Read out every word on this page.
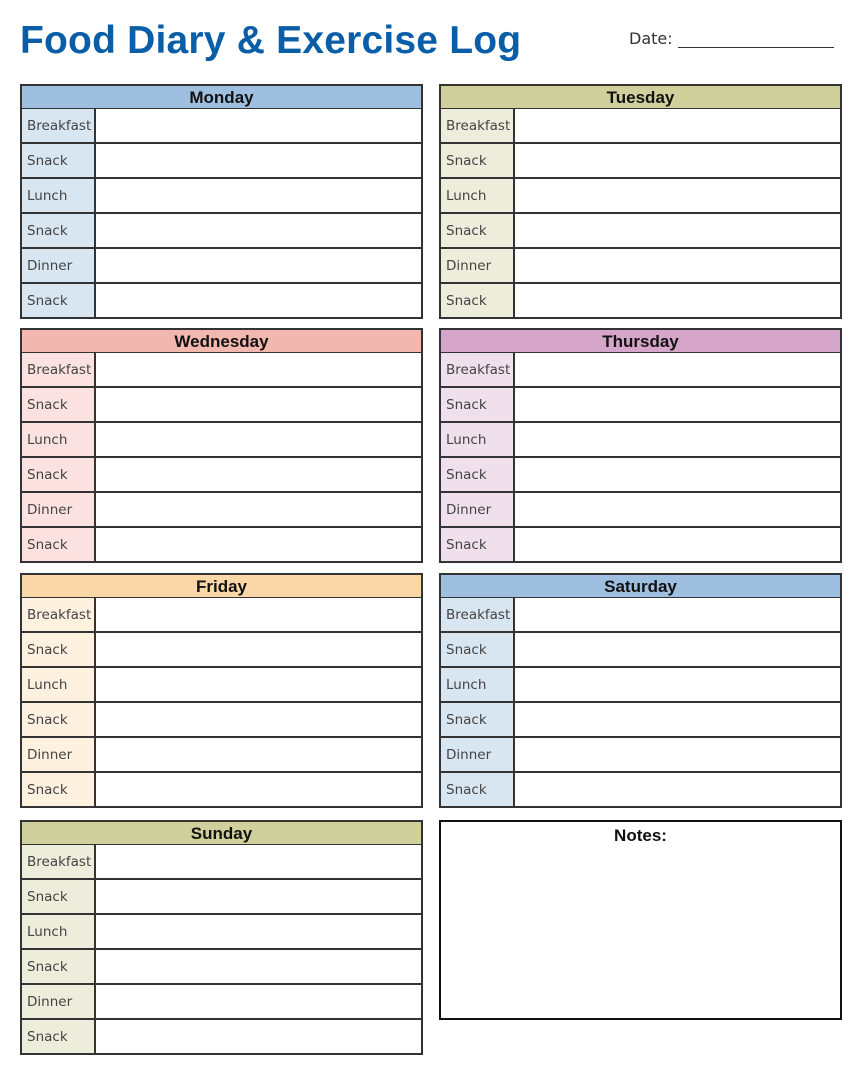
Food Diary & Exercise Log	Date:
Monday
Breakfast
Snack
Lunch
Snack
Dinner
Snack
Tuesday
Breakfast
Snack
Lunch
Snack
Dinner
Snack
Wednesday
Breakfast
Snack
Lunch
Snack
Dinner
Snack
Thursday
Breakfast
Snack
Lunch
Snack
Dinner
Snack
Friday
Breakfast
Snack
Lunch
Snack
Dinner
Snack
Saturday
Breakfast
Snack
Lunch
Snack
Dinner
Snack
Sunday
Breakfast
Snack
Lunch
Snack
Dinner
Snack
Notes:
